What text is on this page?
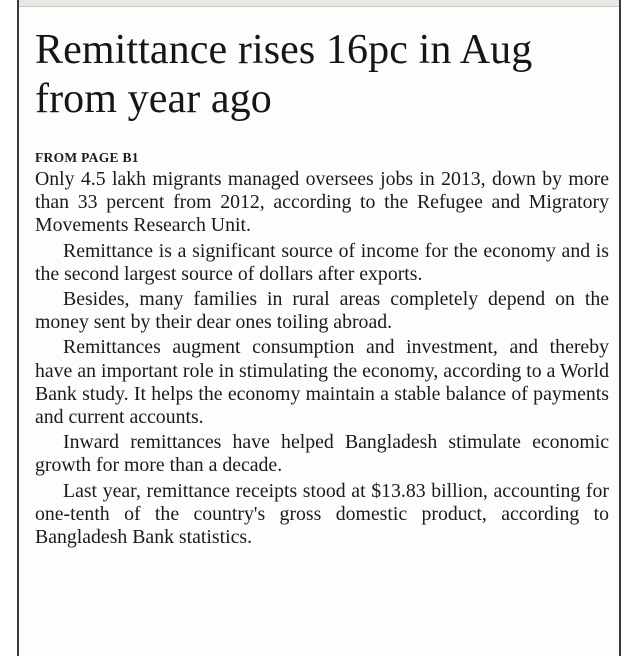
Remittance rises 16pc in Aug from year ago
FROM PAGE B1

Only 4.5 lakh migrants managed oversees jobs in 2013, down by more than 33 percent from 2012, according to the Refugee and Migratory Movements Research Unit.

Remittance is a significant source of income for the economy and is the second largest source of dollars after exports.

Besides, many families in rural areas completely depend on the money sent by their dear ones toiling abroad.

Remittances augment consumption and investment, and thereby have an important role in stimulating the economy, according to a World Bank study. It helps the economy maintain a stable balance of payments and current accounts.

Inward remittances have helped Bangladesh stimulate economic growth for more than a decade.

Last year, remittance receipts stood at $13.83 billion, accounting for one-tenth of the country's gross domestic product, according to Bangladesh Bank statistics.
